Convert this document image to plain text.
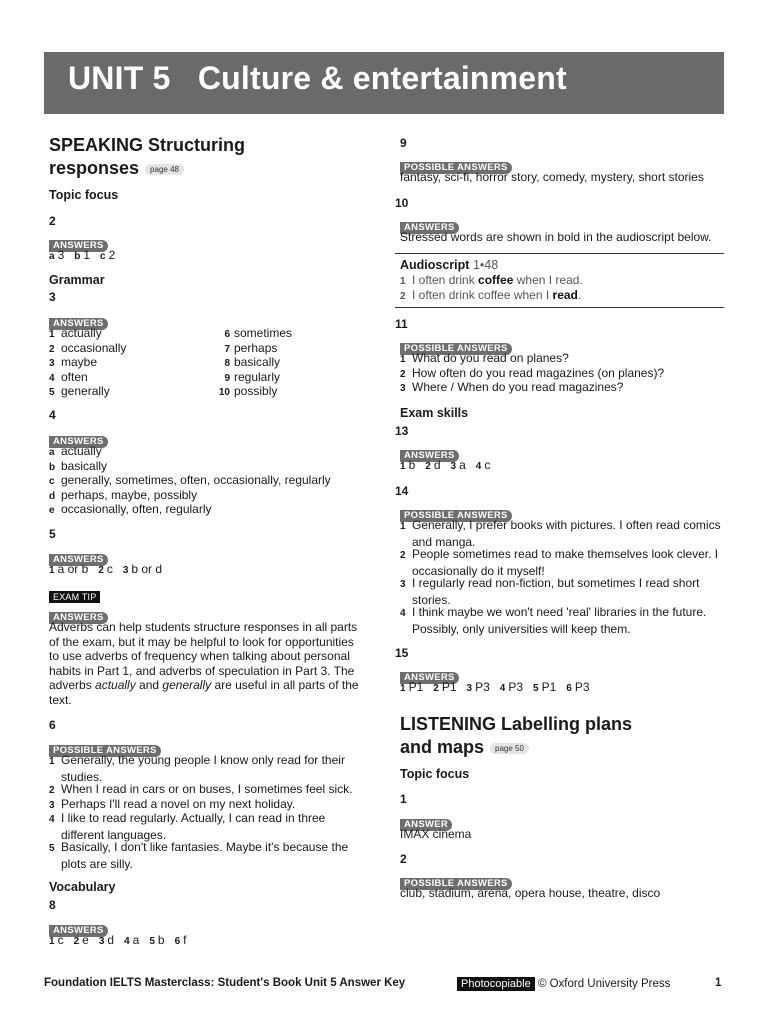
UNIT 5 Culture & entertainment
SPEAKING Structuring
responses page 48
Topic focus
2
ANSWERS
a 3 b 1 c 2
Grammar
3
ANSWERS
1 actually
2 occasionally
3 maybe
4 often
5 generally
6 sometimes
7 perhaps
8 basically
9 regularly
10 possibly
4
ANSWERS
a actually
b basically
c generally, sometimes, often, occasionally, regularly
d perhaps, maybe, possibly
e occasionally, often, regularly
5
ANSWERS
1 a or b 2 c 3 b or d
EXAM TIP
ANSWERS
Adverbs can help students structure responses in all parts of the exam, but it may be helpful to look for opportunities to use adverbs of frequency when talking about personal habits in Part 1, and adverbs of speculation in Part 3. The adverbs actually and generally are useful in all parts of the text.
6
POSSIBLE ANSWERS
1 Generally, the young people I know only read for their studies.
2 When I read in cars or on buses, I sometimes feel sick.
3 Perhaps I'll read a novel on my next holiday.
4 I like to read regularly. Actually, I can read in three different languages.
5 Basically, I don't like fantasies. Maybe it's because the plots are silly.
Vocabulary
8
ANSWERS
1 c 2 e 3 d 4 a 5 b 6 f
9
POSSIBLE ANSWERS
fantasy, sci-fi, horror story, comedy, mystery, short stories
10
ANSWERS
Stressed words are shown in bold in the audioscript below.
Audioscript 1•48
1 I often drink coffee when I read.
2 I often drink coffee when I read.
11
POSSIBLE ANSWERS
1 What do you read on planes?
2 How often do you read magazines (on planes)?
3 Where / When do you read magazines?
Exam skills
13
ANSWERS
1 b 2 d 3 a 4 c
14
POSSIBLE ANSWERS
1 Generally, I prefer books with pictures. I often read comics and manga.
2 People sometimes read to make themselves look clever. I occasionally do it myself!
3 I regularly read non-fiction, but sometimes I read short stories.
4 I think maybe we won't need 'real' libraries in the future. Possibly, only universities will keep them.
15
ANSWERS
1 P1 2 P1 3 P3 4 P3 5 P1 6 P3
LISTENING Labelling plans
and maps page 50
Topic focus
1
ANSWER
IMAX cinema
2
POSSIBLE ANSWERS
club, stadium, arena, opera house, theatre, disco
Foundation IELTS Masterclass: Student's Book Unit 5 Answer Key	Photocopiable © Oxford University Press	1
